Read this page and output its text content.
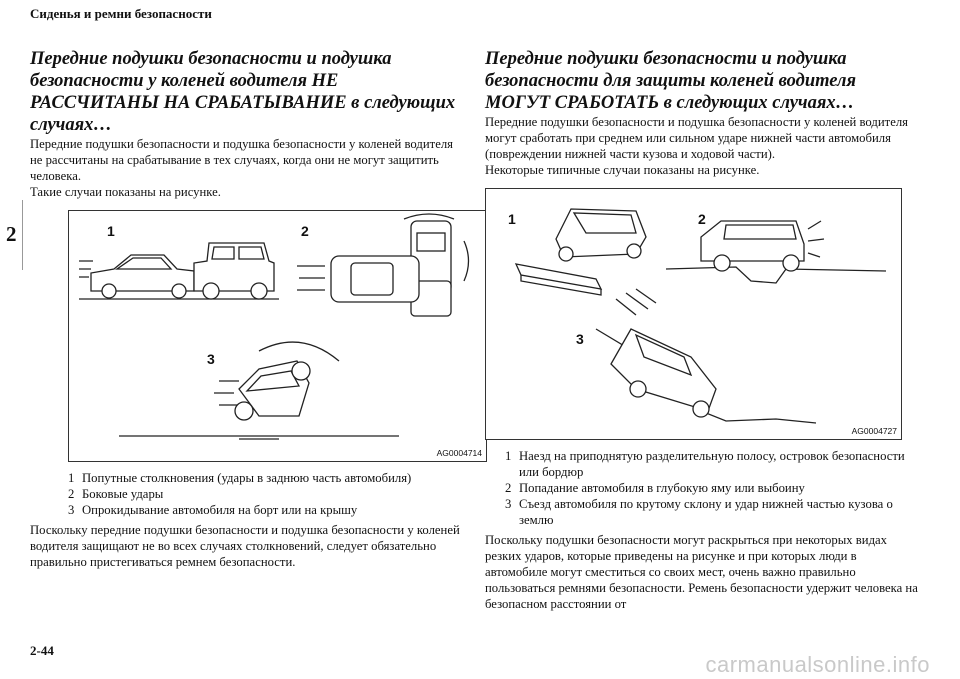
Сиденья и ремни безопасности
2
Передние подушки безопасности и подушка безопасности у коленей водителя НЕ РАССЧИТАНЫ НА СРАБАТЫВАНИЕ в следующих случаях…

Передние подушки безопасности и подушка безопасности у коленей водителя не рассчитаны на срабатывание в тех случаях, когда они не могут защитить человека.

Такие случаи показаны на рисунке.

1	2
3
AG0004714
1 Попутные столкновения (удары в заднюю часть автомобиля)
2 Боковые удары
3 Опрокидывание автомобиля на борт или на крышу

Поскольку передние подушки безопасности и подушка безопасности у коленей водителя защищают не во всех случаях столкновений, следует обязательно правильно пристегиваться ремнем безопасности.

Передние подушки безопасности и подушка безопасности для защиты коленей водителя МОГУТ СРАБОТАТЬ в следующих случаях…

Передние подушки безопасности и подушка безопасности у коленей водителя могут сработать при среднем или сильном ударе нижней части автомобиля (повреждении нижней части кузова и ходовой части).

Некоторые типичные случаи показаны на рисунке.

1	2
3
AG0004727
1 Наезд на приподнятую разделительную полосу, островок безопасности или бордюр
2 Попадание автомобиля в глубокую яму или выбоину
3 Съезд автомобиля по крутому склону и удар нижней частью кузова о землю

Поскольку подушки безопасности могут раскрыться при некоторых видах резких ударов, которые приведены на рисунке и при которых люди в автомобиле могут сместиться со своих мест, очень важно правильно пользоваться ремнями безопасности. Ремень безопасности удержит человека на безопасном расстоянии от

2-44
carmanualsonline.info
